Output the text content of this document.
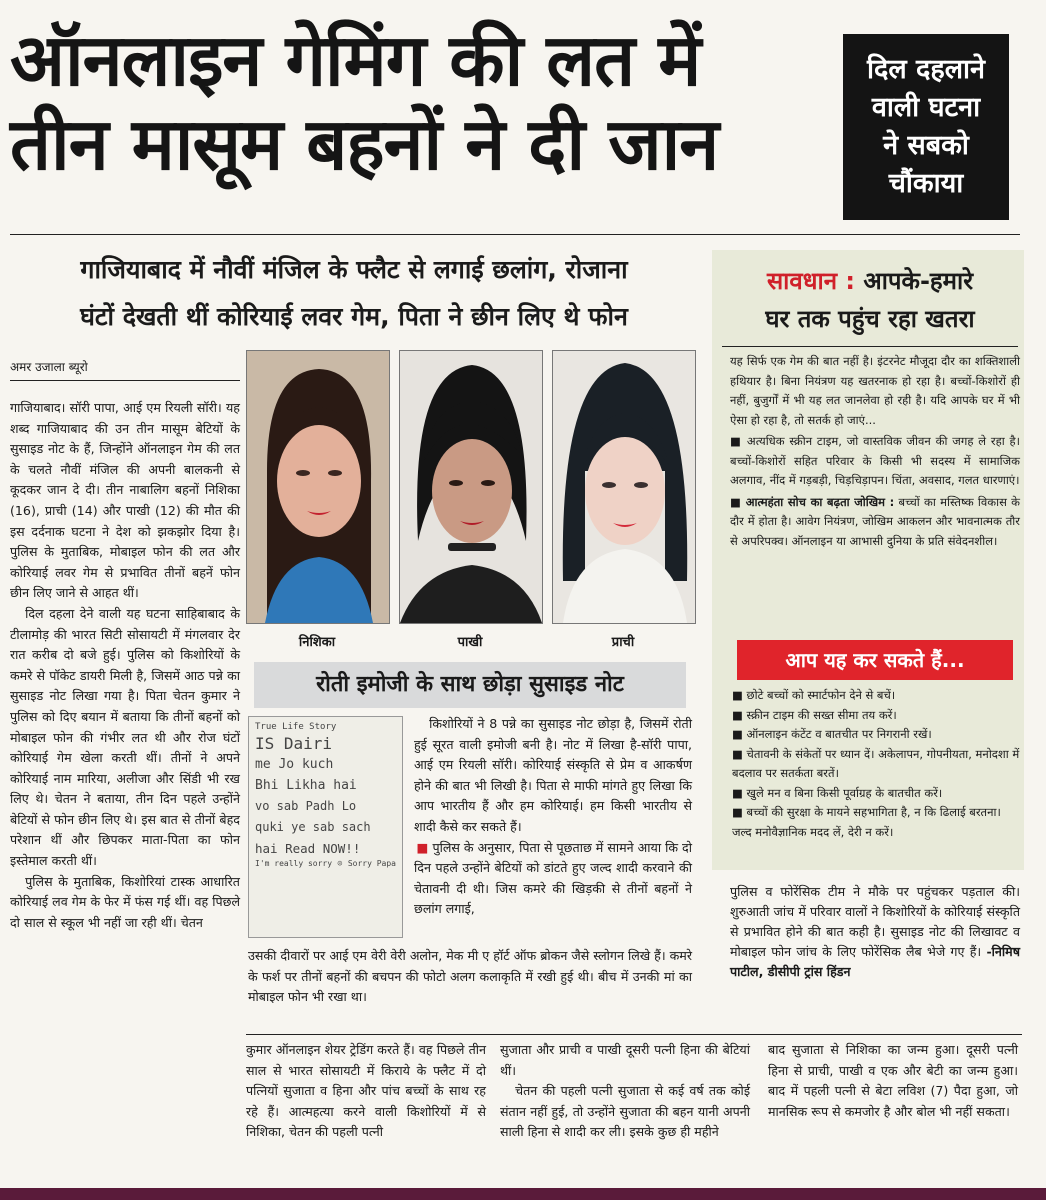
ऑनलाइन गेमिंग की लत में
तीन मासूम बहनों ने दी जान
दिल दहलाने
वाली घटना
ने सबको
चौंकाया
गाजियाबाद में नौवीं मंजिल के फ्लैट से लगाई छलांग, रोजाना
घंटों देखती थीं कोरियाई लवर गेम, पिता ने छीन लिए थे फोन
सावधान : आपके-हमारे
घर तक पहुंच रहा खतरा

यह सिर्फ एक गेम की बात नहीं है। इंटरनेट मौजूदा दौर का शक्तिशाली हथियार है। बिना नियंत्रण यह खतरनाक हो रहा है। बच्चों-किशोरों ही नहीं, बुजुर्गों में भी यह लत जानलेवा हो रही है। यदि आपके घर में भी ऐसा हो रहा है, तो सतर्क हो जाएं...

■ अत्यधिक स्क्रीन टाइम, जो वास्तविक जीवन की जगह ले रहा है। बच्चों-किशोरों सहित परिवार के किसी भी सदस्य में सामाजिक अलगाव, नींद में गड़बड़ी, चिड़चिड़ापन। चिंता, अवसाद, गलत धारणाएं।

■ आत्महंता सोच का बढ़ता जोखिम : बच्चों का मस्तिष्क विकास के दौर में होता है। आवेग नियंत्रण, जोखिम आकलन और भावनात्मक तौर से अपरिपक्व। ऑनलाइन या आभासी दुनिया के प्रति संवेदनशील।

आप यह कर सकते हैं...
■ छोटे बच्चों को स्मार्टफोन देने से बचें।
■ स्क्रीन टाइम की सख्त सीमा तय करें।
■ ऑनलाइन कंटेंट व बातचीत पर निगरानी रखें।
■ चेतावनी के संकेतों पर ध्यान दें। अकेलापन, गोपनीयता, मनोदशा में बदलाव पर सतर्कता बरतें।
■ खुले मन व बिना किसी पूर्वाग्रह के बातचीत करें।
■ बच्चों की सुरक्षा के मायने सहभागिता है, न कि ढिलाई बरतना। जल्द मनोवैज्ञानिक मदद लें, देरी न करें।
पुलिस व फोरेंसिक टीम ने मौके पर पहुंचकर पड़ताल की। शुरुआती जांच में परिवार वालों ने किशोरियों के कोरियाई संस्कृति से प्रभावित होने की बात कही है। सुसाइड नोट की लिखावट व मोबाइल फोन जांच के लिए फोरेंसिक लैब भेजे गए हैं। -निमिष पाटील, डीसीपी ट्रांस हिंडन
अमर उजाला ब्यूरो

गाजियाबाद। सॉरी पापा, आई एम रियली सॉरी। यह शब्द गाजियाबाद की उन तीन मासूम बेटियों के सुसाइड नोट के हैं, जिन्होंने ऑनलाइन गेम की लत के चलते नौवीं मंजिल की अपनी बालकनी से कूदकर जान दे दी। तीन नाबालिग बहनों निशिका (16), प्राची (14) और पाखी (12) की मौत की इस दर्दनाक घटना ने देश को झकझोर दिया है। पुलिस के मुताबिक, मोबाइल फोन की लत और कोरियाई लवर गेम से प्रभावित तीनों बहनें फोन छीन लिए जाने से आहत थीं।

दिल दहला देने वाली यह घटना साहिबाबाद के टीलामोड़ की भारत सिटी सोसायटी में मंगलवार देर रात करीब दो बजे हुई। पुलिस को किशोरियों के कमरे से पॉकेट डायरी मिली है, जिसमें आठ पन्ने का सुसाइड नोट लिखा गया है। पिता चेतन कुमार ने पुलिस को दिए बयान में बताया कि तीनों बहनों को मोबाइल फोन की गंभीर लत थी और रोज घंटों कोरियाई गेम खेला करती थीं। तीनों ने अपने कोरियाई नाम मारिया, अलीजा और सिंडी भी रख लिए थे। चेतन ने बताया, तीन दिन पहले उन्होंने बेटियों से फोन छीन लिए थे। इस बात से तीनों बेहद परेशान थीं और छिपकर माता-पिता का फोन इस्तेमाल करती थीं।

पुलिस के मुताबिक, किशोरियां टास्क आधारित कोरियाई लव गेम के फेर में फंस गई थीं। वह पिछले दो साल से स्कूल भी नहीं जा रही थीं। चेतन

निशिका	पाखी	प्राची
रोती इमोजी के साथ छोड़ा सुसाइड नोट
True Life Story
IS Dairi
me Jo kuch
Bhi Likha hai
vo sab Padh Lo
quki ye sab sach
hai Read NOW!!
I'm really sorry ☹ Sorry Papa

किशोरियों ने 8 पन्ने का सुसाइड नोट छोड़ा है, जिसमें रोती हुई सूरत वाली इमोजी बनी है। नोट में लिखा है-सॉरी पापा, आई एम रियली सॉरी। कोरियाई संस्कृति से प्रेम व आकर्षण होने की बात भी लिखी है। पिता से माफी मांगते हुए लिखा कि आप भारतीय हैं और हम कोरियाई। हम किसी भारतीय से शादी कैसे कर सकते हैं।

■ पुलिस के अनुसार, पिता से पूछताछ में सामने आया कि दो दिन पहले उन्होंने बेटियों को डांटते हुए जल्द शादी करवाने की चेतावनी दी थी। जिस कमरे की खिड़की से तीनों बहनों ने छलांग लगाई,

उसकी दीवारों पर आई एम वेरी वेरी अलोन, मेक मी ए हॉर्ट ऑफ ब्रोकन जैसे स्लोगन लिखे हैं। कमरे के फर्श पर तीनों बहनों की बचपन की फोटो अलग कलाकृति में रखी हुई थी। बीच में उनकी मां का मोबाइल फोन भी रखा था।
कुमार ऑनलाइन शेयर ट्रेडिंग करते हैं। वह पिछले तीन साल से भारत सोसायटी में किराये के फ्लैट में दो पत्नियों सुजाता व हिना और पांच बच्चों के साथ रह रहे हैं। आत्महत्या करने वाली किशोरियों में से निशिका, चेतन की पहली पत्नी

सुजाता और प्राची व पाखी दूसरी पत्नी हिना की बेटियां थीं।

चेतन की पहली पत्नी सुजाता से कई वर्ष तक कोई संतान नहीं हुई, तो उन्होंने सुजाता की बहन यानी अपनी साली हिना से शादी कर ली। इसके कुछ ही महीने

बाद सुजाता से निशिका का जन्म हुआ। दूसरी पत्नी हिना से प्राची, पाखी व एक और बेटी का जन्म हुआ। बाद में पहली पत्नी से बेटा लविश (7) पैदा हुआ, जो मानसिक रूप से कमजोर है और बोल भी नहीं सकता।
